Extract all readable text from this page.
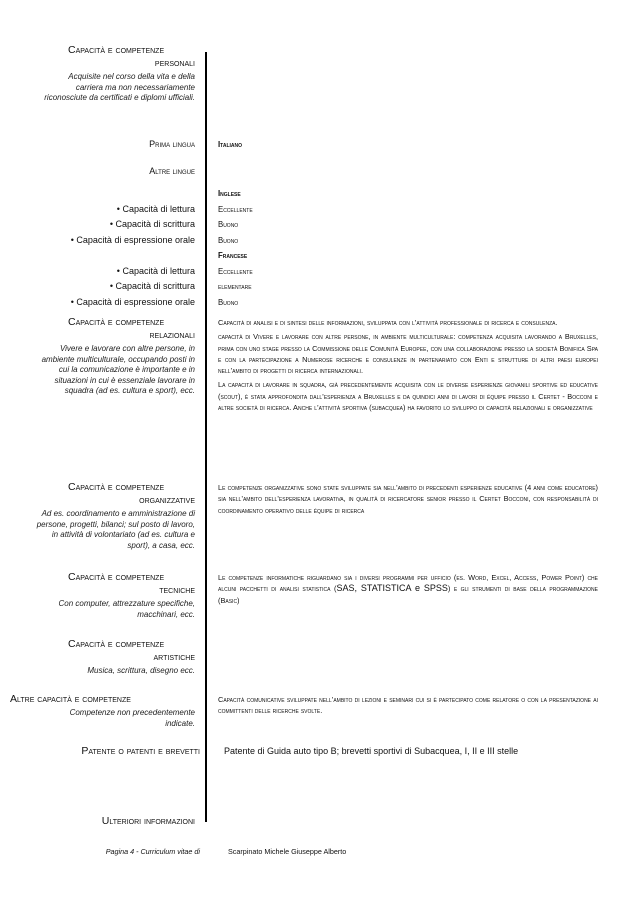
Capacità e competenze
personali
Acquisite nel corso della vita e della carriera ma non necessariamente riconosciute da certificati e diplomi ufficiali.
Prima lingua	Italiano
Altre lingue
Inglese
• Capacità di lettura	Eccellente
• Capacità di scrittura	Buono
• Capacità di espressione orale	Buono
Francese
• Capacità di lettura	Eccellente
• Capacità di scrittura	elementare
• Capacità di espressione orale	Buono
Capacità e competenze
relazionali
Vivere e lavorare con altre persone, in ambiente multiculturale, occupando posti in cui la comunicazione è importante e in situazioni in cui è essenziale lavorare in squadra (ad es. cultura e sport), ecc.
Capacità di analisi e di sintesi delle informazioni, sviluppata con l’attività professionale di ricerca e consulenza.
capacità di Vivere e lavorare con altre persone, in ambiente multiculturale: competenza acquisita lavorando a Bruxelles, prima con uno stage presso la Commissione delle Comunità Europee, con una collaborazione presso la società Bonifica Spa e con la partecipazione a Numerose ricerche e consulenze in partenariato con Enti e strutture di altri paesi europei nell’ambito di progetti di ricerca internazionali.
La capacità di lavorare in squadra, già precedentemente acquisita con le diverse esperienze giovanili sportive ed educative (scout), è stata approfondita dall’esperienza a Bruxelles e da quindici anni di lavori di équipe presso il Certet - Bocconi e altre società di ricerca. Anche l’attività sportiva (subacquea) ha favorito lo sviluppo di capacità relazionali e organizzative
Capacità e competenze
organizzative
Ad es. coordinamento e amministrazione di persone, progetti, bilanci; sul posto di lavoro, in attività di volontariato (ad es. cultura e sport), a casa, ecc.
Le competenze organizzative sono state sviluppate sia nell’ambito di precedenti esperienze educative (4 anni come educatore) sia nell’ambito dell’esperienza lavorativa, in qualità di ricercatore senior presso il Certet Bocconi, con responsabilità di coordinamento operativo delle équipe di ricerca
Capacità e competenze
tecniche
Con computer, attrezzature specifiche, macchinari, ecc.
Le competenze informatiche riguardano sia i diversi programmi per ufficio (es. Word, Excel, Access, Power Point) che alcuni pacchetti di analisi statistica (SAS, STATISTICA e SPSS) e gli strumenti di base della programmazione (Basic)
Capacità e competenze
artistiche
Musica, scrittura, disegno ecc.
Altre capacità e competenze
Competenze non precedentemente indicate.
Capacità comunicative sviluppate nell’ambito di lezioni e seminari cui si è partecipato come relatore o con la presentazione ai committenti delle ricerche svolte.
Patente o patenti e brevetti	Patente di Guida auto tipo B; brevetti sportivi di Subacquea, I, II e III stelle
Ulteriori informazioni
Pagina 4 - Curriculum vitae di	Scarpinato Michele Giuseppe Alberto
